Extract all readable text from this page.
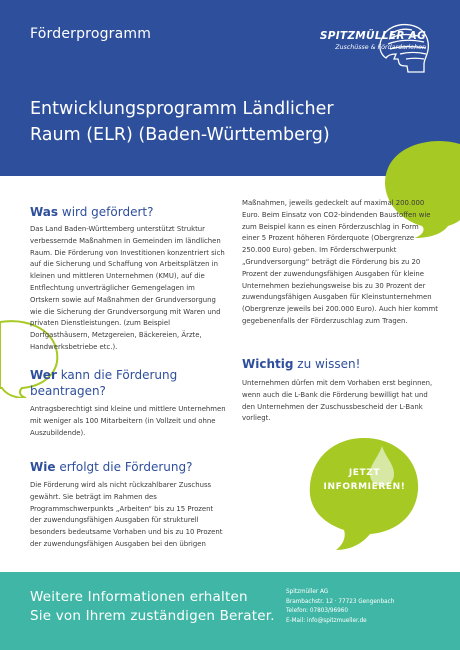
Förderprogramm	SPITZMÜLLER AG
Zuschüsse & Fördardarlehen
Entwicklungsprogramm Ländlicher Raum (ELR) (Baden-Württemberg)
Was wird gefördert?
Das Land Baden-Württemberg unterstützt Struktur verbessernde Maßnahmen in Gemeinden im ländlichen Raum. Die Förderung von Investitionen konzentriert sich auf die Sicherung und Schaffung von Arbeitsplätzen in kleinen und mittleren Unternehmen (KMU), auf die Entflechtung unverträglicher Gemengelagen im Ortskern sowie auf Maßnahmen der Grundversorgung wie die Sicherung der Grundversorgung mit Waren und privaten Dienstleistungen. (zum Beispiel Dorfgasthäusern, Metzgereien, Bäckereien, Ärzte, Handwerksbetriebe etc.).
Wer kann die Förderung beantragen?
Antragsberechtigt sind kleine und mittlere Unternehmen mit weniger als 100 Mitarbeitern (in Vollzeit und ohne Auszubildende).
Wie erfolgt die Förderung?
Die Förderung wird als nicht rückzahlbarer Zuschuss gewährt. Sie beträgt im Rahmen des Programmschwerpunkts „Arbeiten“ bis zu 15 Prozent der zuwendungsfähigen Ausgaben für strukturell besonders bedeutsame Vorhaben und bis zu 10 Prozent der zuwendungsfähigen Ausgaben bei den übrigen
Maßnahmen, jeweils gedeckelt auf maximal 200.000 Euro. Beim Einsatz von CO2-bindenden Baustoffen wie zum Beispiel kann es einen Förderzuschlag in Form einer 5 Prozent höheren Förderquote (Obergrenze 250.000 Euro) geben. Im Förderschwerpunkt „Grundversorgung“ beträgt die Förderung bis zu 20 Prozent der zuwendungsfähigen Ausgaben für kleine Unternehmen beziehungsweise bis zu 30 Prozent der zuwendungsfähigen Ausgaben für Kleinstunternehmen (Obergrenze jeweils bei 200.000 Euro). Auch hier kommt gegebenenfalls der Förderzuschlag zum Tragen.
Wichtig zu wissen!
Unternehmen dürfen mit dem Vorhaben erst beginnen, wenn auch die L-Bank die Förderung bewilligt hat und den Unternehmen der Zuschussbescheid der L-Bank vorliegt.
JETZT
INFORMIEREN!
Weitere Informationen erhalten
Sie von Ihrem zuständigen Berater.
Spitzmüller AG
Brambachstr. 12 · 77723 Gengenbach
Telefon: 07803/96960
E-Mail: info@spitzmueller.de
